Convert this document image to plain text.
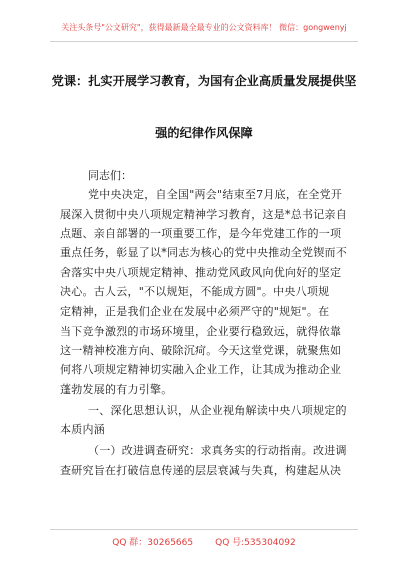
关注头条号"公文研究"，获得最新最全最专业的公文资料库！ 微信：gongwenyj
党课：扎实开展学习教育，为国有企业高质量发展提供坚
强的纪律作风保障
同志们：
党中央决定，自全国"两会"结束至7月底，在全党开
展深入贯彻中央八项规定精神学习教育，这是*总书记亲自
点题、亲自部署的一项重要工作，是今年党建工作的一项
重点任务，彰显了以*同志为核心的党中央推动全党锲而不
舍落实中央八项规定精神、推动党风政风向优向好的坚定
决心。古人云，"不以规矩，不能成方圆"。中央八项规
定精神，正是我们企业在发展中必须严守的"规矩"。在
当下竞争激烈的市场环境里，企业要行稳致远，就得依靠
这一精神校准方向、破除沉疴。今天这堂党课，就聚焦如
何将八项规定精神切实融入企业工作，让其成为推动企业
蓬勃发展的有力引擎。
一、深化思想认识，从企业视角解读中央八项规定的
本质内涵
（一）改进调查研究：求真务实的行动指南。改进调
查研究旨在打破信息传递的层层衰减与失真，构建起从决
QQ 群：30265665 QQ 号:535304092
